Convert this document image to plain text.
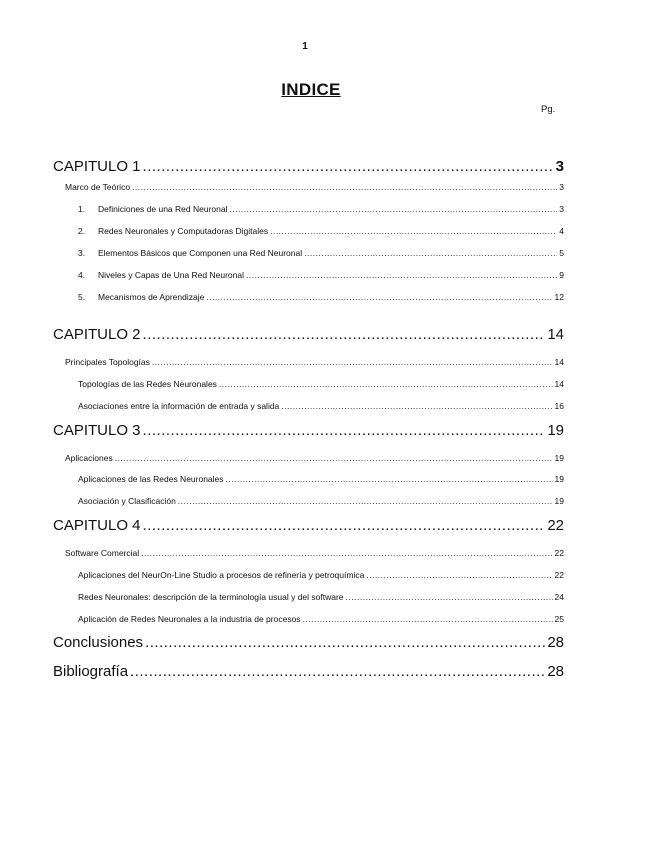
1
INDICE
Pg.
CAPITULO 1 .....	3
Marco de Teórico .....	3
1. Definiciones de una Red Neuronal .....	3
2. Redes Neuronales y Computadoras Digitales .....	4
3. Elementos Básicos que Componen una Red Neuronal .....	5
4. Niveles y Capas de Una Red Neuronal .....	9
5. Mecanismos de Aprendizaje .....	12
CAPITULO 2 .....	14
Principales Topologías .....	14
Topologías de las Redes Neuronales .....	14
Asociaciones entre la información de entrada y salida .....	16
CAPITULO 3 .....	19
Aplicaciones .....	19
Aplicaciones de las Redes Neuronales .....	19
Asociación y Clasificación .....	19
CAPITULO 4 .....	22
Software Comercial .....	22
Aplicaciones del NeurOn-Line Studio a procesos de refinería y petroquímica .....	22
Redes Neuronales: descripción de la terminología usual y del software .....	24
Aplicación de Redes Neuronales a la industria de procesos .....	25
Conclusiones .....	28
Bibliografía .....	28
